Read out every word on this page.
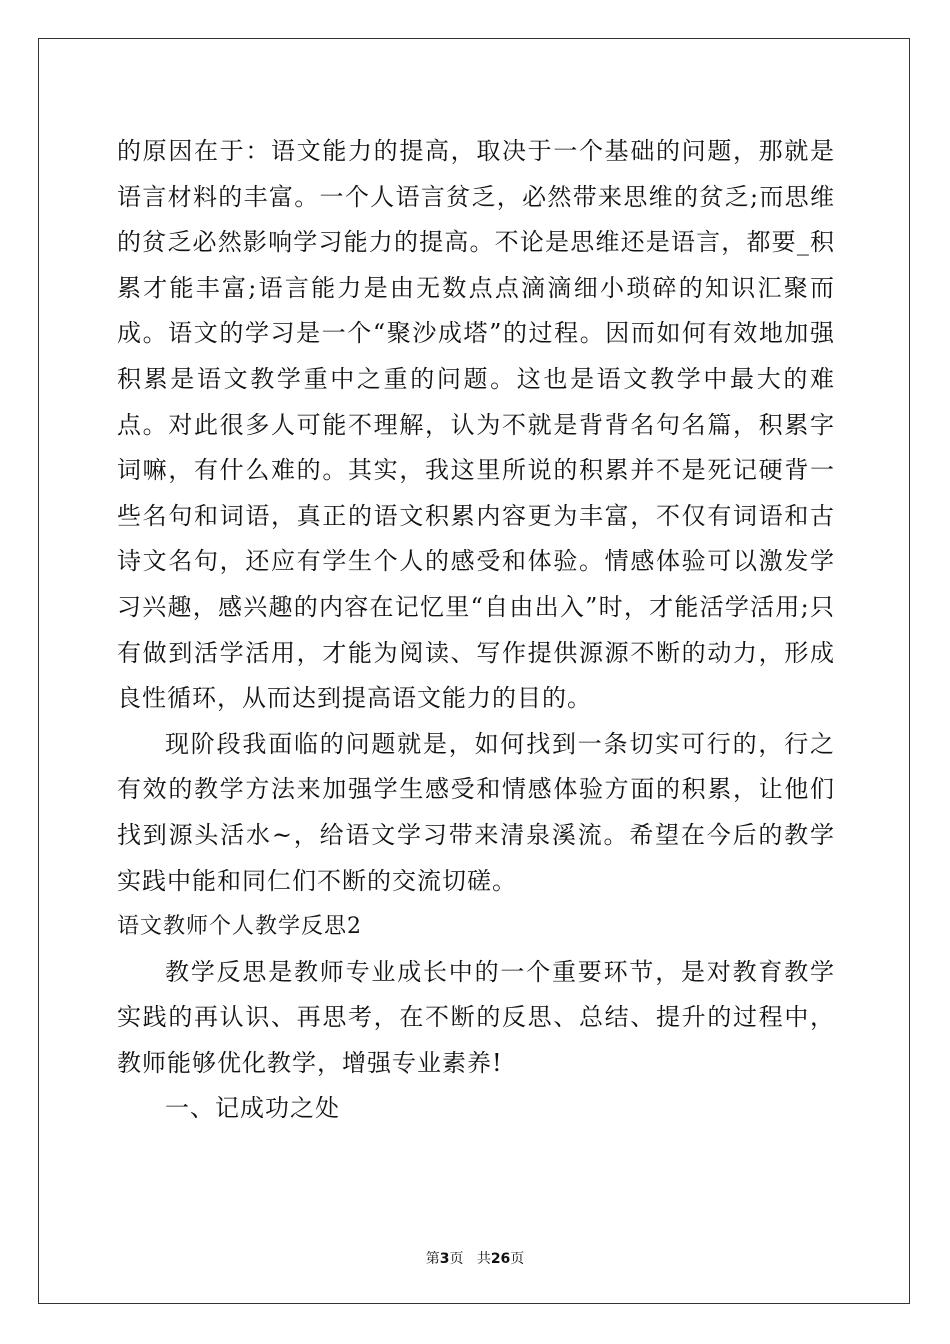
的原因在于：语文能力的提高，取决于一个基础的问题，那就是语言材料的丰富。一个人语言贫乏，必然带来思维的贫乏;而思维的贫乏必然影响学习能力的提高。不论是思维还是语言，都要_积累才能丰富;语言能力是由无数点点滴滴细小琐碎的知识汇聚而成。语文的学习是一个“聚沙成塔”的过程。因而如何有效地加强积累是语文教学重中之重的问题。这也是语文教学中最大的难点。对此很多人可能不理解，认为不就是背背名句名篇，积累字词嘛，有什么难的。其实，我这里所说的积累并不是死记硬背一些名句和词语，真正的语文积累内容更为丰富，不仅有词语和古诗文名句，还应有学生个人的感受和体验。情感体验可以激发学习兴趣，感兴趣的内容在记忆里“自由出入”时，才能活学活用;只有做到活学活用，才能为阅读、写作提供源源不断的动力，形成良性循环，从而达到提高语文能力的目的。

现阶段我面临的问题就是，如何找到一条切实可行的，行之有效的教学方法来加强学生感受和情感体验方面的积累，让他们找到源头活水~，给语文学习带来清泉溪流。希望在今后的教学实践中能和同仁们不断的交流切磋。

语文教师个人教学反思2

教学反思是教师专业成长中的一个重要环节，是对教育教学实践的再认识、再思考，在不断的反思、总结、提升的过程中，教师能够优化教学，增强专业素养!

一、记成功之处

第3页 共26页
